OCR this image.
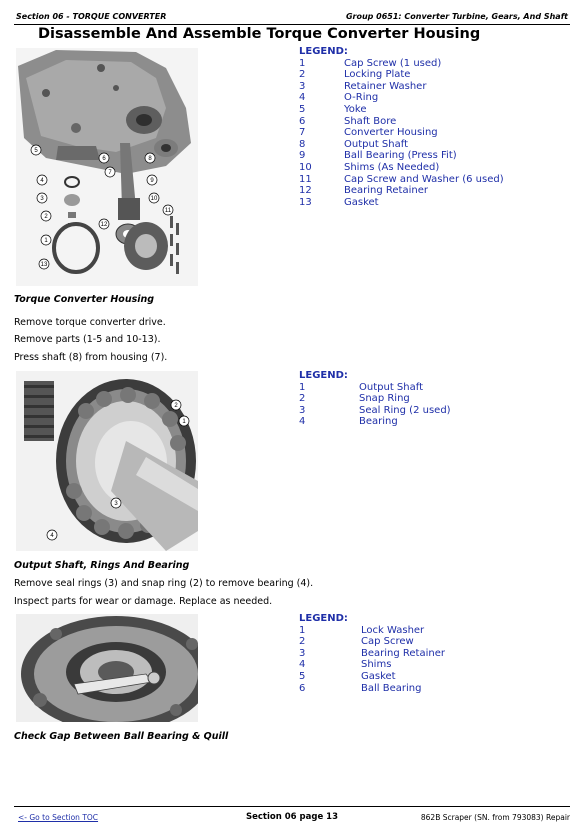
Section 06 - TORQUE CONVERTER	Group 0651: Converter Turbine, Gears, And Shaft
Disassemble And Assemble Torque Converter Housing
5
4
3
2
1
13
6
7
8
9
10
11
12
LEGEND:
1	Cap Screw (1 used)
2	Locking Plate
3	Retainer Washer
4	O-Ring
5	Yoke
6	Shaft Bore
7	Converter Housing
8	Output Shaft
9	Ball Bearing (Press Fit)
10	Shims (As Needed)
11	Cap Screw and Washer (6 used)
12	Bearing Retainer
13	Gasket
Torque Converter Housing
Remove torque converter drive.
Remove parts (1-5 and 10-13).
Press shaft (8) from housing (7).
2
1
3
4
LEGEND:
1	Output Shaft
2	Snap Ring
3	Seal Ring (2 used)
4	Bearing
Output Shaft, Rings And Bearing
Remove seal rings (3) and snap ring (2) to remove bearing (4).
Inspect parts for wear or damage. Replace as needed.
LEGEND:
1	Lock Washer
2	Cap Screw
3	Bearing Retainer
4	Shims
5	Gasket
6	Ball Bearing
Check Gap Between Ball Bearing & Quill
<- Go to Section TOC	Section 06 page 13	862B Scraper (SN. from 793083) Repair
